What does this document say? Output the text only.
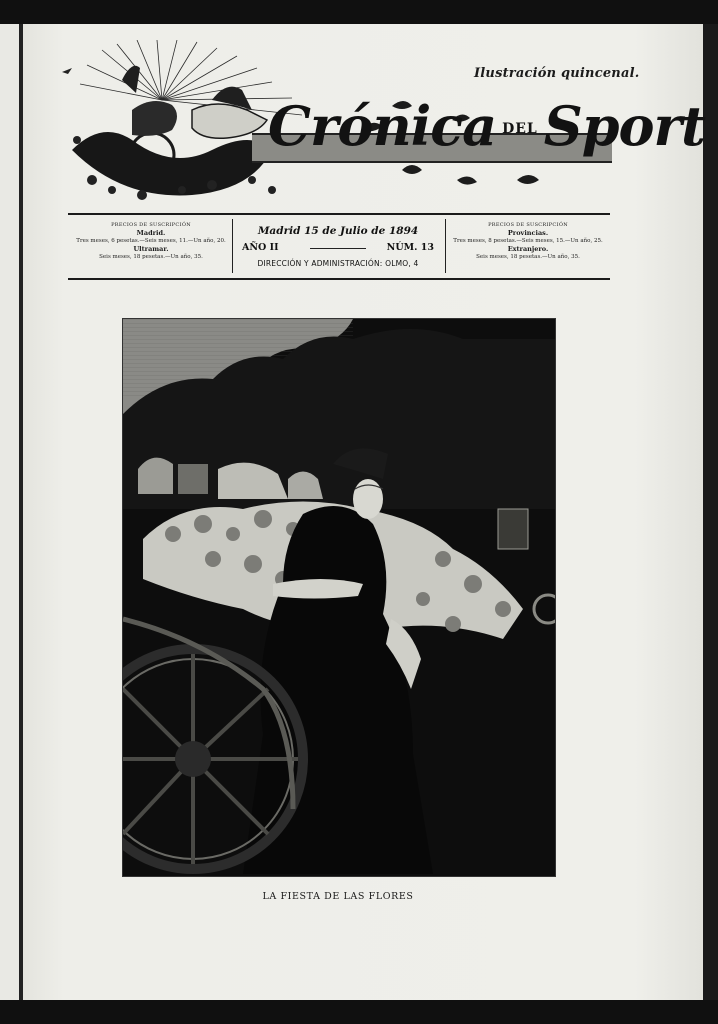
Ilustración quincenal.
Crónica $^{DEL}$ Sport
PRECIOS DE SUSCRIPCIÓN
Madrid.
Tres meses, 6 pesetas.—Seis meses, 11.—Un año, 20.
Ultramar.
Seis meses, 18 pesetas.—Un año, 35.
Madrid 15 de Julio de 1894
AÑO II	NÚM. 13
DIRECCIÓN Y ADMINISTRACIÓN: OLMO, 4
PRECIOS DE SUSCRIPCIÓN
Provincias.
Tres meses, 8 pesetas.—Seis meses, 15.—Un año, 25.
Extranjero.
Seis meses, 18 pesetas.—Un año, 35.
LA FIESTA DE LAS FLORES
